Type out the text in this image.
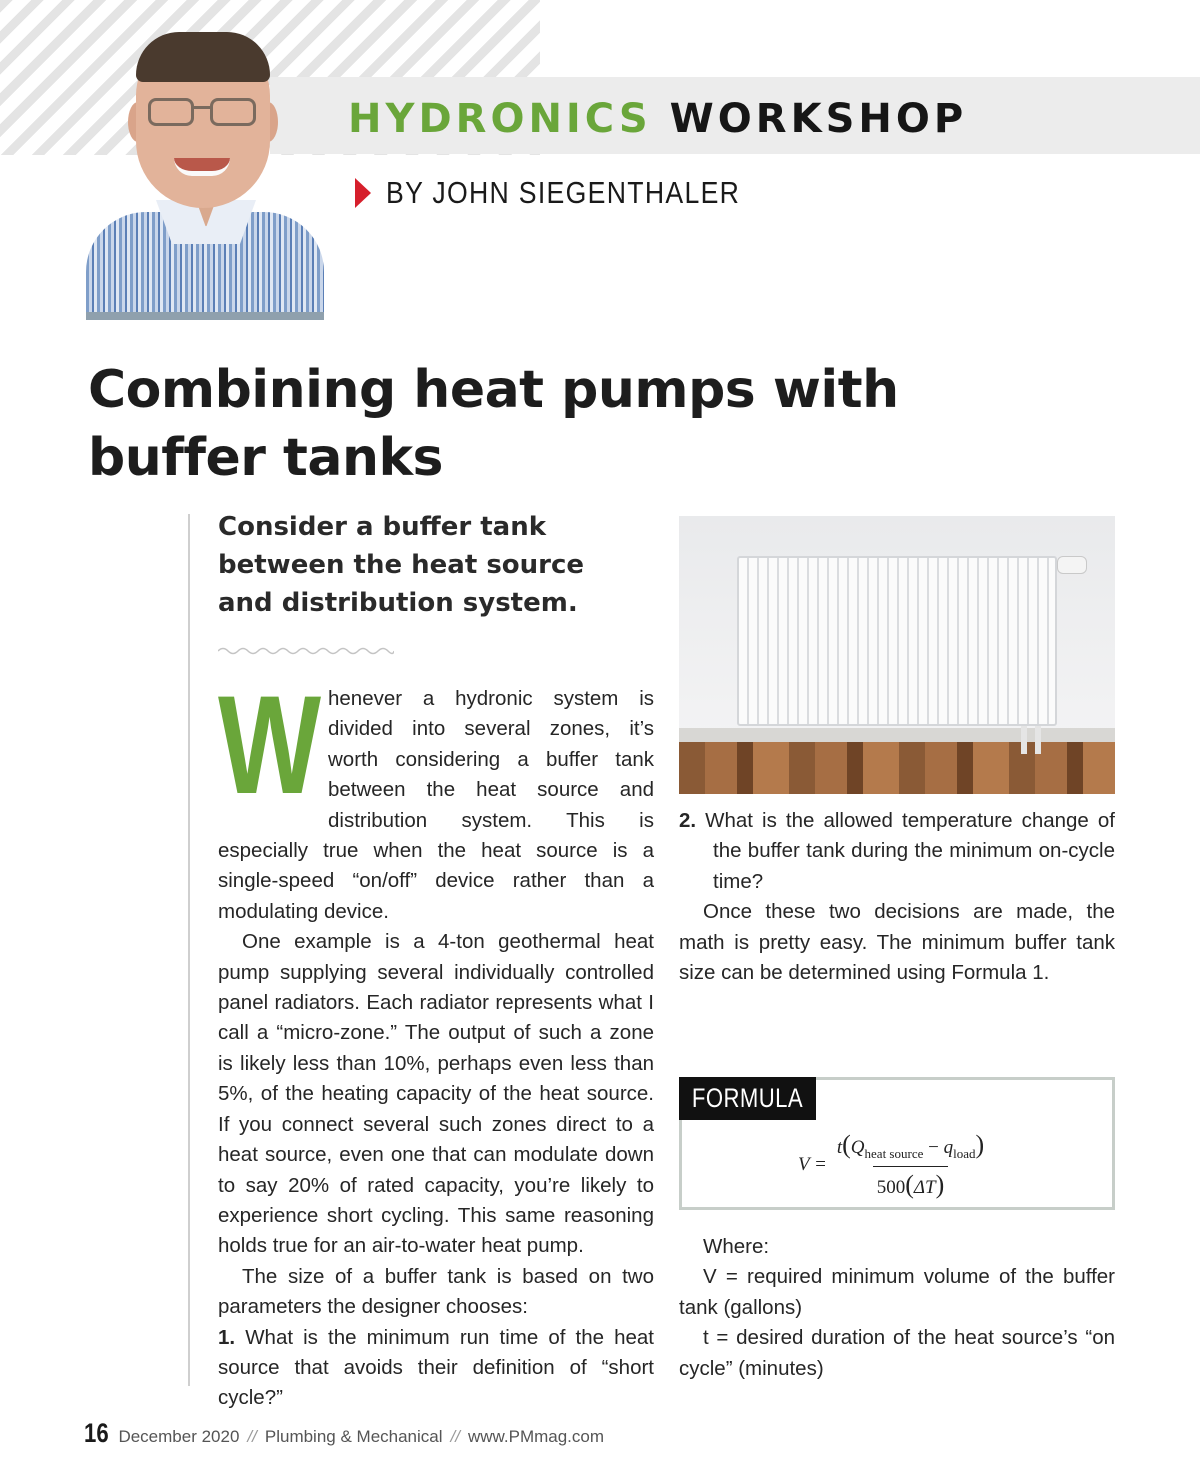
HYDRONICS WORKSHOP
BY JOHN SIEGENTHALER
Combining heat pumps with
buffer tanks
Consider a buffer tank between the heat source and distribution system.
W henever a hydronic system is divided into several zones, it’s worth considering a buffer tank between the heat source and distribution system. This is especially true when the heat source is a single-speed “on/off” device rather than a modulating device.

One example is a 4-ton geothermal heat pump supplying several individually controlled panel radiators. Each radiator represents what I call a “micro-zone.” The output of such a zone is likely less than 10%, perhaps even less than 5%, of the heating capacity of the heat source. If you connect several such zones direct to a heat source, even one that can modulate down to say 20% of rated capacity, you’re likely to experience short cycling. This same reasoning holds true for an air-to-water heat pump.

The size of a buffer tank is based on two parameters the designer chooses:

1. What is the minimum run time of the heat source that avoids their definition of “short cycle?”

2. What is the allowed temperature change of the buffer tank during the minimum on-cycle time?

Once these two decisions are made, the math is pretty easy. The minimum buffer tank size can be determined using Formula 1.

FORMULA 1
$V = \frac{t(Q_{heat source} - q_{load})}{500(\Delta T)}$

Where:

V = required minimum volume of the buffer tank (gallons)

t = desired duration of the heat source’s “on cycle” (minutes)

16 December 2020 // Plumbing & Mechanical // www.PMmag.com
